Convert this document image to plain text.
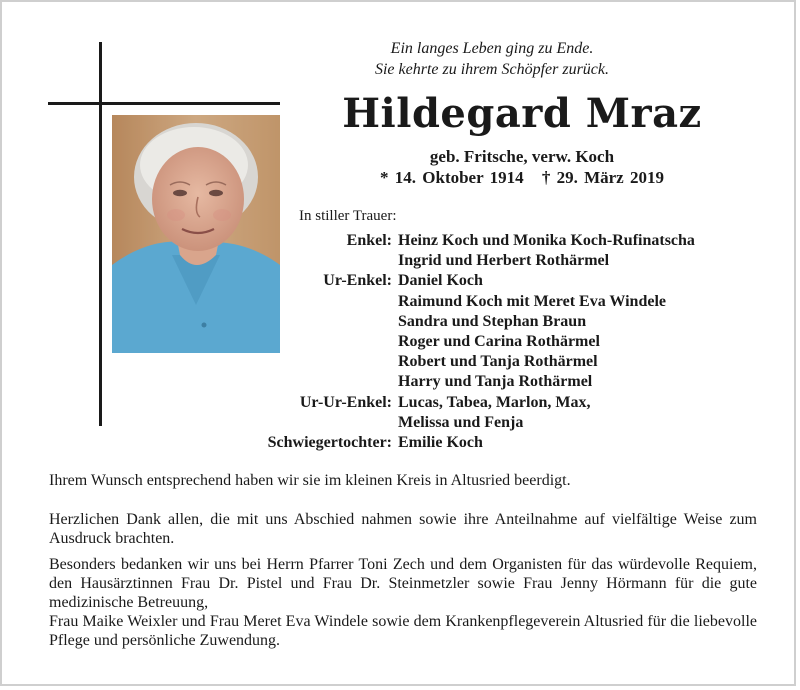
Ein langes Leben ging zu Ende.
Sie kehrte zu ihrem Schöpfer zurück.
Hildegard Mraz
geb. Fritsche, verw. Koch
* 14. Oktober 1914 † 29. März 2019
In stiller Trauer:
Enkel:	Heinz Koch und Monika Koch-Rufinatscha
	Ingrid und Herbert Rothärmel
Ur-Enkel:	Daniel Koch
	Raimund Koch mit Meret Eva Windele
	Sandra und Stephan Braun
	Roger und Carina Rothärmel
	Robert und Tanja Rothärmel
	Harry und Tanja Rothärmel
Ur-Ur-Enkel:	Lucas, Tabea, Marlon, Max,
	Melissa und Fenja
Schwiegertochter:	Emilie Koch
Ihrem Wunsch entsprechend haben wir sie im kleinen Kreis in Altusried beerdigt.
Herzlichen Dank allen, die mit uns Abschied nahmen sowie ihre Anteilnahme auf vielfältige Weise zum Ausdruck brachten.
Besonders bedanken wir uns bei Herrn Pfarrer Toni Zech und dem Organisten für das würdevolle Requiem, den Hausärztinnen Frau Dr. Pistel und Frau Dr. Steinmetzler sowie Frau Jenny Hörmann für die gute medizinische Betreuung,
Frau Maike Weixler und Frau Meret Eva Windele sowie dem Krankenpflegeverein Altusried für die liebevolle Pflege und persönliche Zuwendung.
